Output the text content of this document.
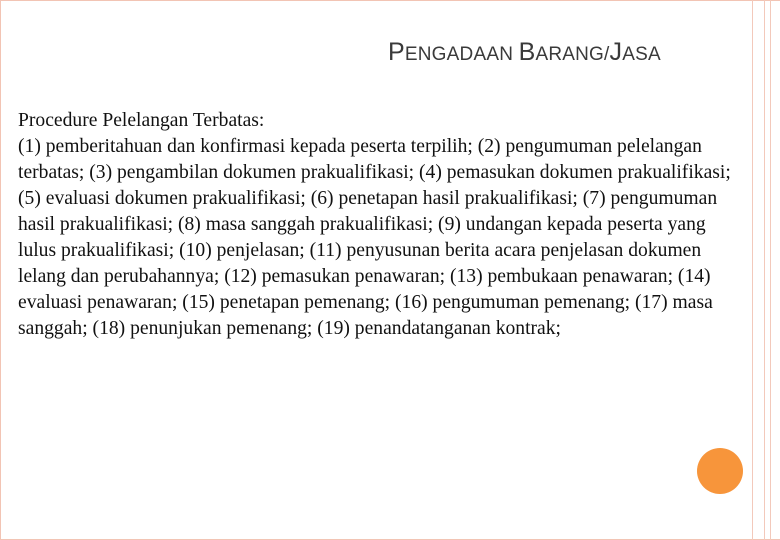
PENGADAAN BARANG/JASA
Procedure Pelelangan Terbatas:
(1) pemberitahuan dan konfirmasi kepada peserta terpilih; (2) pengumuman pelelangan terbatas; (3) pengambilan dokumen prakualifikasi; (4) pemasukan dokumen prakualifikasi; (5) evaluasi dokumen prakualifikasi; (6) penetapan hasil prakualifikasi; (7) pengumuman hasil prakualifikasi; (8) masa sanggah prakualifikasi; (9) undangan kepada peserta yang lulus prakualifikasi; (10) penjelasan; (11) penyusunan berita acara penjelasan dokumen lelang dan perubahannya; (12) pemasukan penawaran; (13) pembukaan penawaran; (14) evaluasi penawaran; (15) penetapan pemenang; (16) pengumuman pemenang; (17) masa sanggah; (18) penunjukan pemenang; (19) penandatanganan kontrak;
